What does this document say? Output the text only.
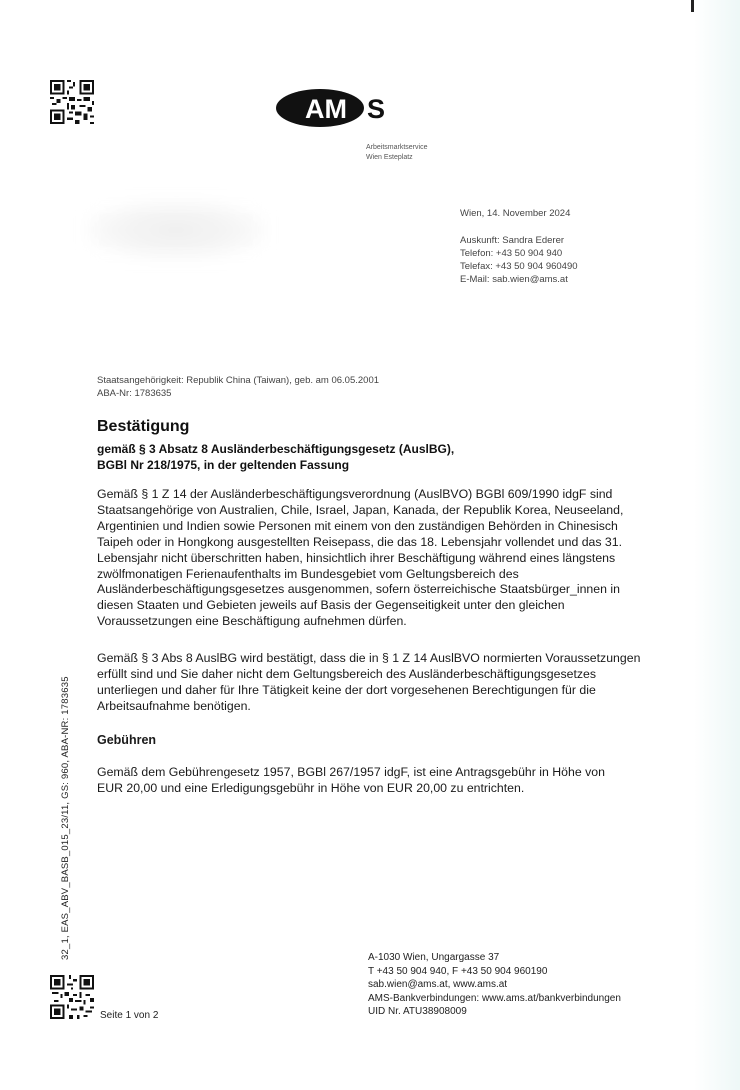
AM S
Arbeitsmarktservice
Wien Esteplatz
Wien, 14. November 2024
Auskunft: Sandra Ederer
Telefon: +43 50 904 940
Telefax: +43 50 904 960490
E-Mail: sab.wien@ams.at
Staatsangehörigkeit: Republik China (Taiwan), geb. am 06.05.2001
ABA-Nr: 1783635
Bestätigung
gemäß § 3 Absatz 8 Ausländerbeschäftigungsgesetz (AuslBG),
BGBl Nr 218/1975, in der geltenden Fassung
Gemäß § 1 Z 14 der Ausländerbeschäftigungsverordnung (AuslBVO) BGBl 609/1990 idgF sind
Staatsangehörige von Australien, Chile, Israel, Japan, Kanada, der Republik Korea, Neuseeland,
Argentinien und Indien sowie Personen mit einem von den zuständigen Behörden in Chinesisch
Taipeh oder in Hongkong ausgestellten Reisepass, die das 18. Lebensjahr vollendet und das 31.
Lebensjahr nicht überschritten haben, hinsichtlich ihrer Beschäftigung während eines längstens
zwölfmonatigen Ferienaufenthalts im Bundesgebiet vom Geltungsbereich des
Ausländerbeschäftigungsgesetzes ausgenommen, sofern österreichische Staatsbürger_innen in
diesen Staaten und Gebieten jeweils auf Basis der Gegenseitigkeit unter den gleichen
Voraussetzungen eine Beschäftigung aufnehmen dürfen.
Gemäß § 3 Abs 8 AuslBG wird bestätigt, dass die in § 1 Z 14 AuslBVO normierten Voraussetzungen
erfüllt sind und Sie daher nicht dem Geltungsbereich des Ausländerbeschäftigungsgesetzes
unterliegen und daher für Ihre Tätigkeit keine der dort vorgesehenen Berechtigungen für die
Arbeitsaufnahme benötigen.
Gebühren
Gemäß dem Gebührengesetz 1957, BGBl 267/1957 idgF, ist eine Antragsgebühr in Höhe von
EUR 20,00 und eine Erledigungsgebühr in Höhe von EUR 20,00 zu entrichten.
32_1, EAS_ABV_BASB_015_23/11, GS: 960, ABA-NR: 1783635
Seite 1 von 2
A-1030 Wien, Ungargasse 37
T +43 50 904 940, F +43 50 904 960190
sab.wien@ams.at, www.ams.at
AMS-Bankverbindungen: www.ams.at/bankverbindungen
UID Nr. ATU38908009
